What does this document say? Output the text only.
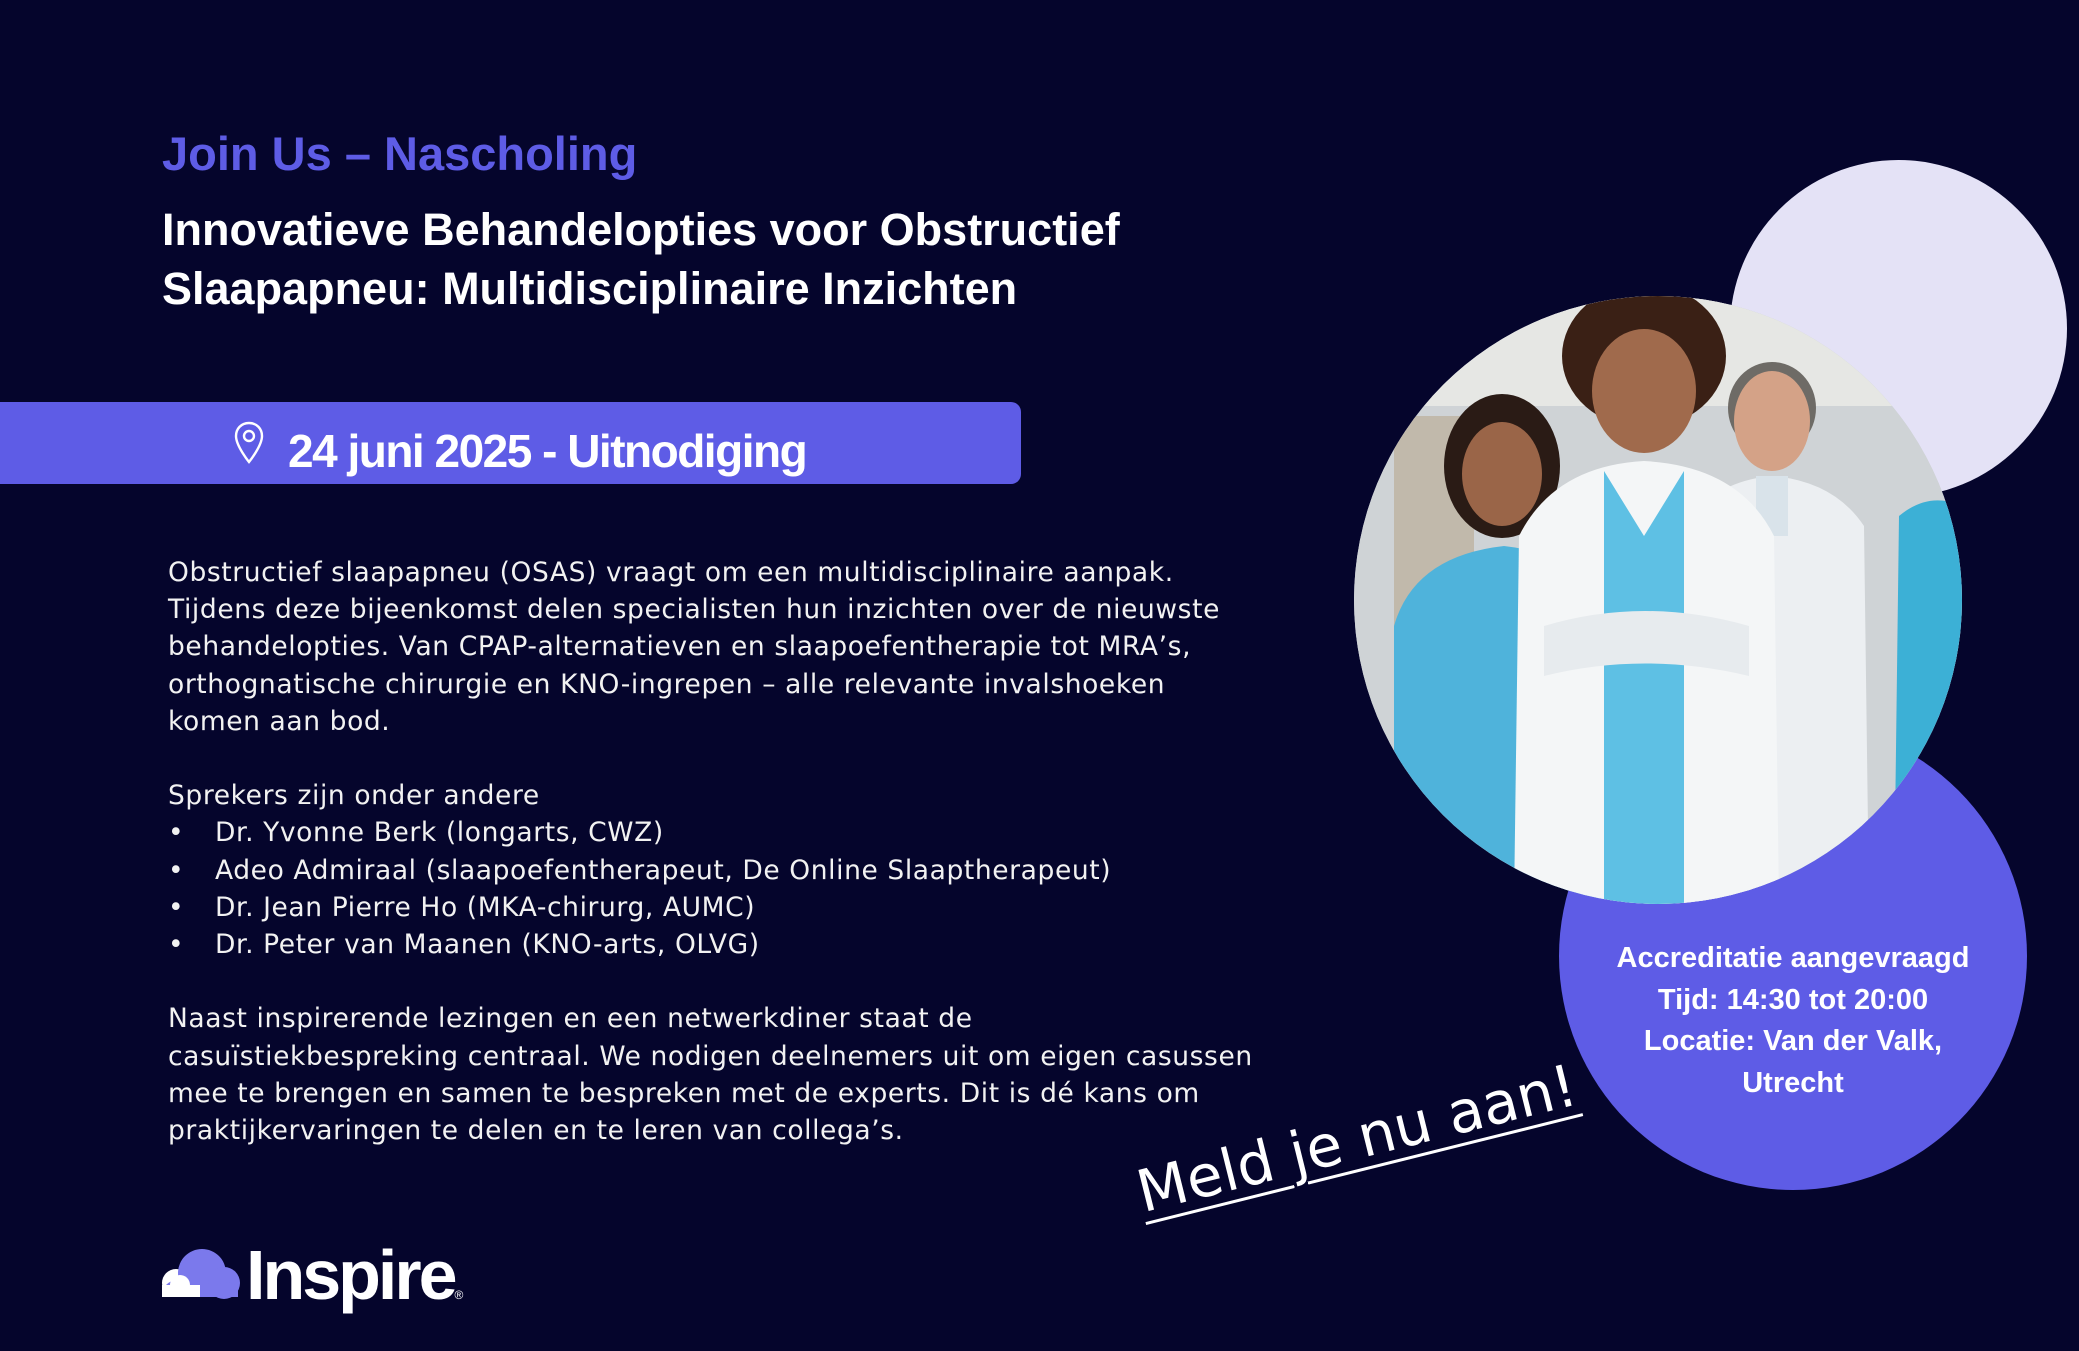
Join Us – Nascholing
Innovatieve Behandelopties voor Obstructief
Slaapapneu: Multidisciplinaire Inzichten
24 juni 2025 - Uitnodiging

Obstructief slaapapneu (OSAS) vraagt om een multidisciplinaire aanpak.

Tijdens deze bijeenkomst delen specialisten hun inzichten over de nieuwste

behandelopties. Van CPAP-alternatieven en slaapoefentherapie tot MRA’s,

orthognatische chirurgie en KNO-ingrepen – alle relevante invalshoeken

komen aan bod.

Sprekers zijn onder andere

• Dr. Yvonne Berk (longarts, CWZ)
• Adeo Admiraal (slaapoefentherapeut, De Online Slaaptherapeut)
• Dr. Jean Pierre Ho (MKA-chirurg, AUMC)
• Dr. Peter van Maanen (KNO-arts, OLVG)

Naast inspirerende lezingen en een netwerkdiner staat de

casuïstiekbespreking centraal. We nodigen deelnemers uit om eigen casussen

mee te brengen en samen te bespreken met de experts. Dit is dé kans om

praktijkervaringen te delen en te leren van collega’s.

Accreditatie aangevraagd
Tijd: 14:30 tot 20:00
Locatie: Van der Valk,
Utrecht
Meld je nu aan!
Inspire ®
